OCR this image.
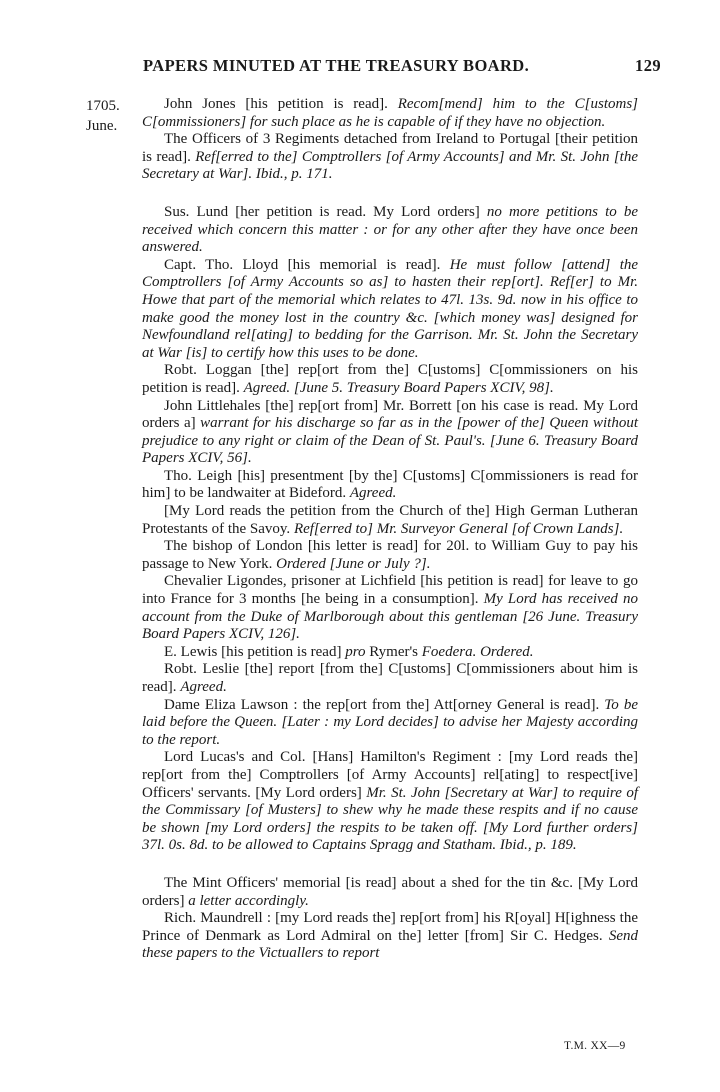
PAPERS MINUTED AT THE TREASURY BOARD.	129
1705.
June.

John Jones [his petition is read]. Recom[mend] him to the C[ustoms] C[ommissioners] for such place as he is capable of if they have no objection.

The Officers of 3 Regiments detached from Ireland to Portugal [their petition is read]. Ref[erred to the] Comptrollers [of Army Accounts] and Mr. St. John [the Secretary at War]. Ibid., p. 171.

Sus. Lund [her petition is read. My Lord orders] no more petitions to be received which concern this matter : or for any other after they have once been answered.

Capt. Tho. Lloyd [his memorial is read]. He must follow [attend] the Comptrollers [of Army Accounts so as] to hasten their rep[ort]. Ref[er] to Mr. Howe that part of the memorial which relates to 47l. 13s. 9d. now in his office to make good the money lost in the country &c. [which money was] designed for Newfoundland rel[ating] to bedding for the Garrison. Mr. St. John the Secretary at War [is] to certify how this uses to be done.

Robt. Loggan [the] rep[ort from the] C[ustoms] C[ommissioners on his petition is read]. Agreed. [June 5. Treasury Board Papers XCIV, 98].

John Littlehales [the] rep[ort from] Mr. Borrett [on his case is read. My Lord orders a] warrant for his discharge so far as in the [power of the] Queen without prejudice to any right or claim of the Dean of St. Paul's. [June 6. Treasury Board Papers XCIV, 56].

Tho. Leigh [his] presentment [by the] C[ustoms] C[ommissioners is read for him] to be landwaiter at Bideford. Agreed.

[My Lord reads the petition from the Church of the] High German Lutheran Protestants of the Savoy. Ref[erred to] Mr. Surveyor General [of Crown Lands].

The bishop of London [his letter is read] for 20l. to William Guy to pay his passage to New York. Ordered [June or July ?].

Chevalier Ligondes, prisoner at Lichfield [his petition is read] for leave to go into France for 3 months [he being in a consumption]. My Lord has received no account from the Duke of Marlborough about this gentleman [26 June. Treasury Board Papers XCIV, 126].

E. Lewis [his petition is read] pro Rymer's Foedera. Ordered.

Robt. Leslie [the] report [from the] C[ustoms] C[ommissioners about him is read]. Agreed.

Dame Eliza Lawson : the rep[ort from the] Att[orney General is read]. To be laid before the Queen. [Later : my Lord decides] to advise her Majesty according to the report.

Lord Lucas's and Col. [Hans] Hamilton's Regiment : [my Lord reads the] rep[ort from the] Comptrollers [of Army Accounts] rel[ating] to respect[ive] Officers' servants. [My Lord orders] Mr. St. John [Secretary at War] to require of the Commissary [of Musters] to shew why he made these respits and if no cause be shown [my Lord orders] the respits to be taken off. [My Lord further orders] 37l. 0s. 8d. to be allowed to Captains Spragg and Statham. Ibid., p. 189.

The Mint Officers' memorial [is read] about a shed for the tin &c. [My Lord orders] a letter accordingly.

Rich. Maundrell : [my Lord reads the] rep[ort from] his R[oyal] H[ighness the Prince of Denmark as Lord Admiral on the] letter [from] Sir C. Hedges. Send these papers to the Victuallers to report

T.M. XX—9
